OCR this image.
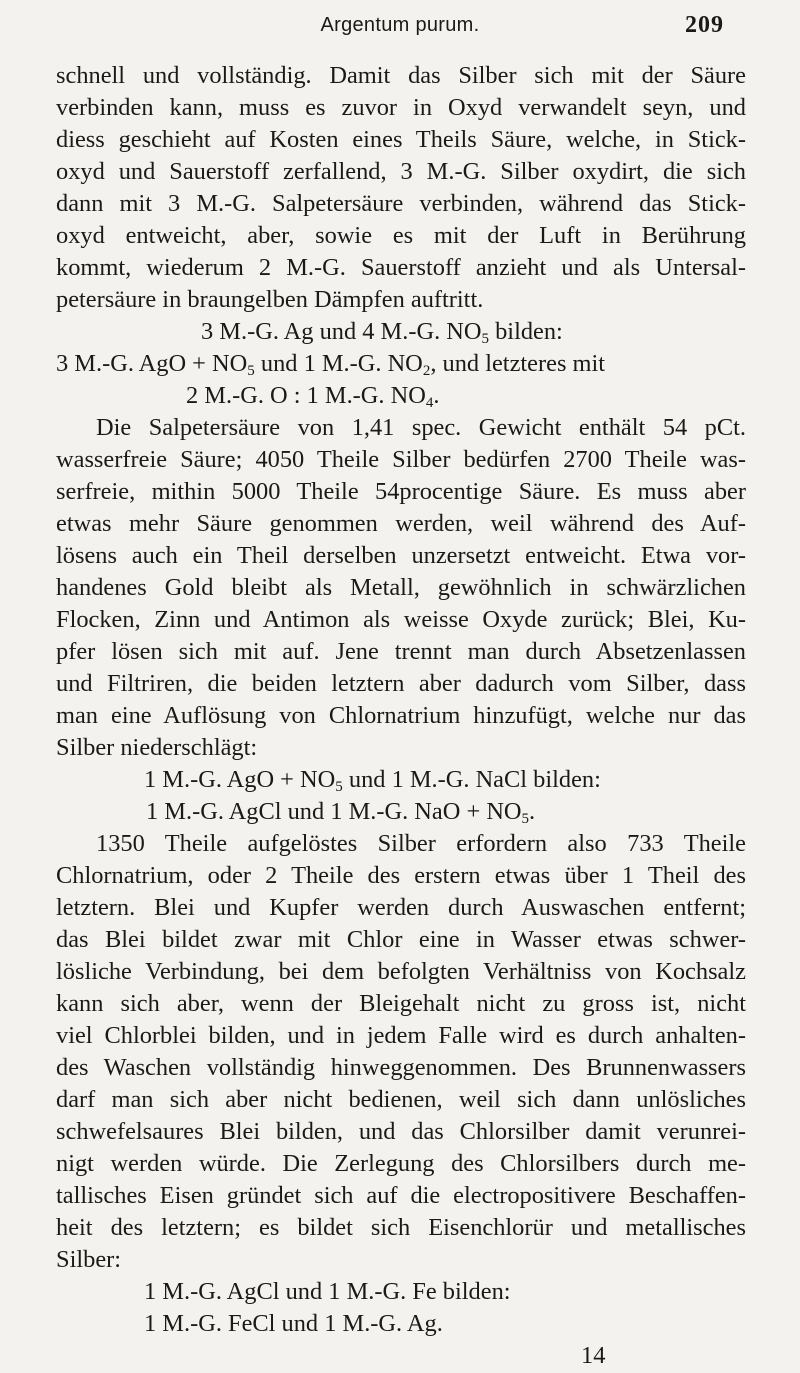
Argentum purum.	209
schnell und vollständig. Damit das Silber sich mit der Säure
verbinden kann, muss es zuvor in Oxyd verwandelt seyn, und
diess geschieht auf Kosten eines Theils Säure, welche, in Stick-
oxyd und Sauerstoff zerfallend, 3 M.-G. Silber oxydirt, die sich
dann mit 3 M.-G. Salpetersäure verbinden, während das Stick-
oxyd entweicht, aber, sowie es mit der Luft in Berührung
kommt, wiederum 2 M.-G. Sauerstoff anzieht und als Untersal-
petersäure in braungelben Dämpfen auftritt.
3 M.-G. Ag und 4 M.-G. $NO_5$ bilden:
3 M.-G. AgO + $NO_5$ und 1 M.-G. $NO_2$, und letzteres mit
2 M.-G. O : 1 M.-G. $NO_4$.
Die Salpetersäure von 1,41 spec. Gewicht enthält 54 pCt.
wasserfreie Säure; 4050 Theile Silber bedürfen 2700 Theile was-
serfreie, mithin 5000 Theile 54procentige Säure. Es muss aber
etwas mehr Säure genommen werden, weil während des Auf-
lösens auch ein Theil derselben unzersetzt entweicht. Etwa vor-
handenes Gold bleibt als Metall, gewöhnlich in schwärzlichen
Flocken, Zinn und Antimon als weisse Oxyde zurück; Blei, Ku-
pfer lösen sich mit auf. Jene trennt man durch Absetzenlassen
und Filtriren, die beiden letztern aber dadurch vom Silber, dass
man eine Auflösung von Chlornatrium hinzufügt, welche nur das
Silber niederschlägt:
1 M.-G. AgO + $NO_5$ und 1 M.-G. NaCl bilden:
1 M.-G. AgCl und 1 M.-G. NaO + $NO_5$.
1350 Theile aufgelöstes Silber erfordern also 733 Theile
Chlornatrium, oder 2 Theile des erstern etwas über 1 Theil des
letztern. Blei und Kupfer werden durch Auswaschen entfernt;
das Blei bildet zwar mit Chlor eine in Wasser etwas schwer-
lösliche Verbindung, bei dem befolgten Verhältniss von Kochsalz
kann sich aber, wenn der Bleigehalt nicht zu gross ist, nicht
viel Chlorblei bilden, und in jedem Falle wird es durch anhalten-
des Waschen vollständig hinweggenommen. Des Brunnenwassers
darf man sich aber nicht bedienen, weil sich dann unlösliches
schwefelsaures Blei bilden, und das Chlorsilber damit verunrei-
nigt werden würde. Die Zerlegung des Chlorsilbers durch me-
tallisches Eisen gründet sich auf die electropositivere Beschaffen-
heit des letztern; es bildet sich Eisenchlorür und metallisches
Silber:
1 M.-G. AgCl und 1 M.-G. Fe bilden:
1 M.-G. FeCl und 1 M.-G. Ag.
14
